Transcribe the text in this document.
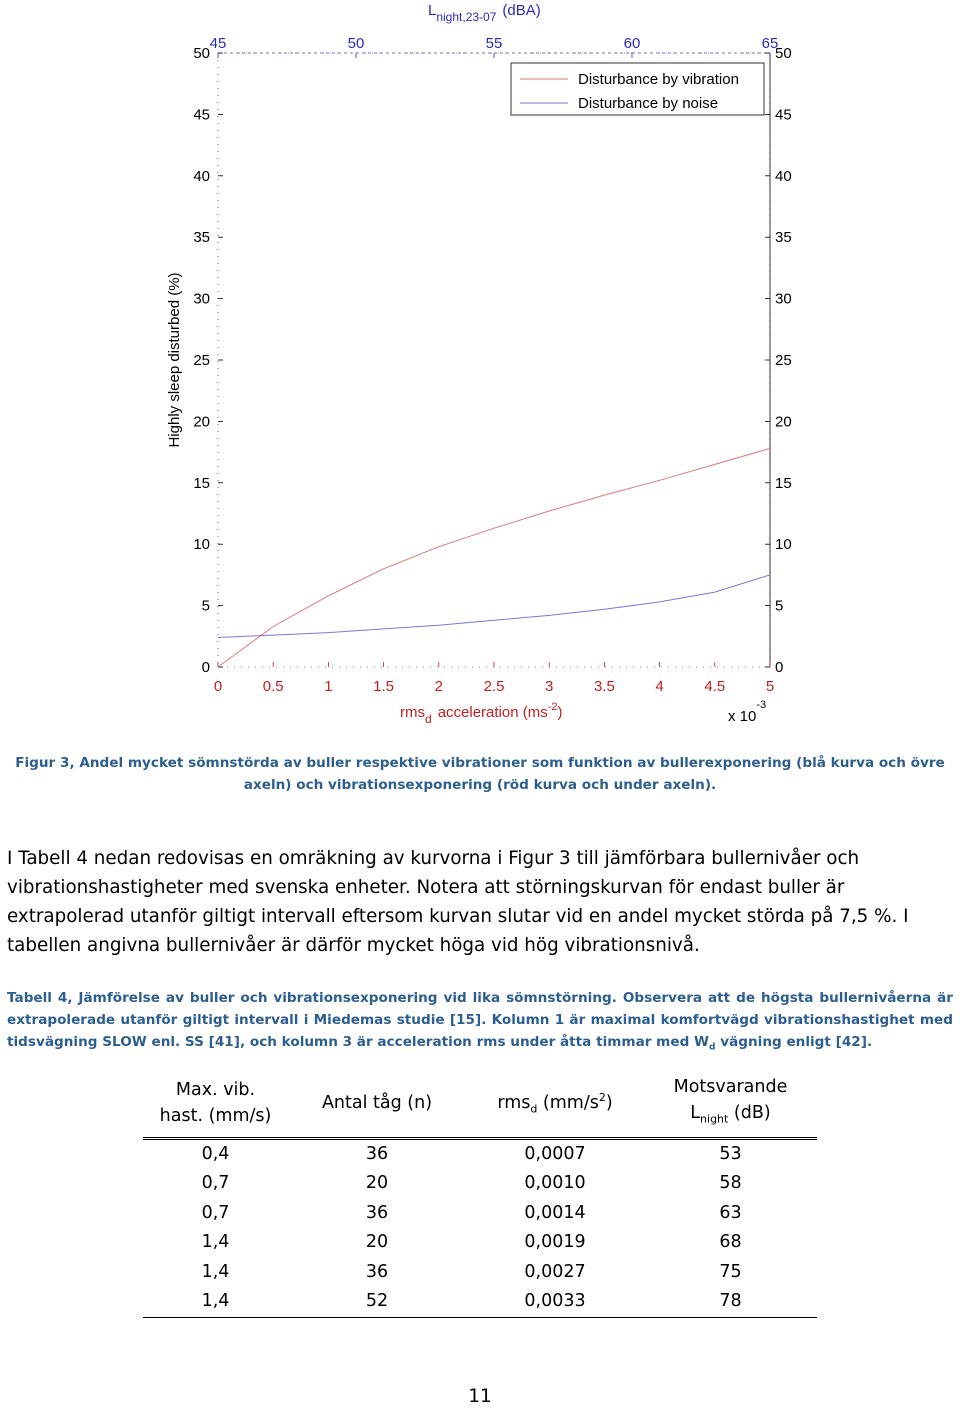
0
5
10
15
20
25
30
35
40
45
50
0
5
10
15
20
25
30
35
40
45
50
45	50	55	60	65
0	0.5	1	1.5	2	2.5	3	3.5	4	4.5	5
$L_{night,23-07}$ (dBA)
Highly sleep disturbed (%)
rms$_d$ acceleration $(ms^{-2})$	x $10^{-3}$
Disturbance by vibration
Disturbance by noise
Figur 3, Andel mycket sömnstörda av buller respektive vibrationer som funktion av bullerexponering (blå kurva och övre axeln) och vibrationsexponering (röd kurva och under axeln).
I Tabell 4 nedan redovisas en omräkning av kurvorna i Figur 3 till jämförbara bullernivåer och vibrationshastigheter med svenska enheter. Notera att störningskurvan för endast buller är extrapolerad utanför giltigt intervall eftersom kurvan slutar vid en andel mycket störda på 7,5 %. I tabellen angivna bullernivåer är därför mycket höga vid hög vibrationsnivå.
Tabell 4, Jämförelse av buller och vibrationsexponering vid lika sömnstörning. Observera att de högsta bullernivåerna är extrapolerade utanför giltigt intervall i Miedemas studie [15]. Kolumn 1 är maximal komfortvägd vibrationshastighet med tidsvägning SLOW enl. SS [41], och kolumn 3 är acceleration rms under åtta timmar med $W_d$ vägning enligt [42].
Max. vib.
hast. (mm/s)	Antal tåg (n)	rms$_d$ $(mm/s^2)$	Motsvarande
$L_{night}$ (dB)
0,4	36	0,0007	53
0,7	20	0,0010	58
0,7	36	0,0014	63
1,4	20	0,0019	68
1,4	36	0,0027	75
1,4	52	0,0033	78
11
